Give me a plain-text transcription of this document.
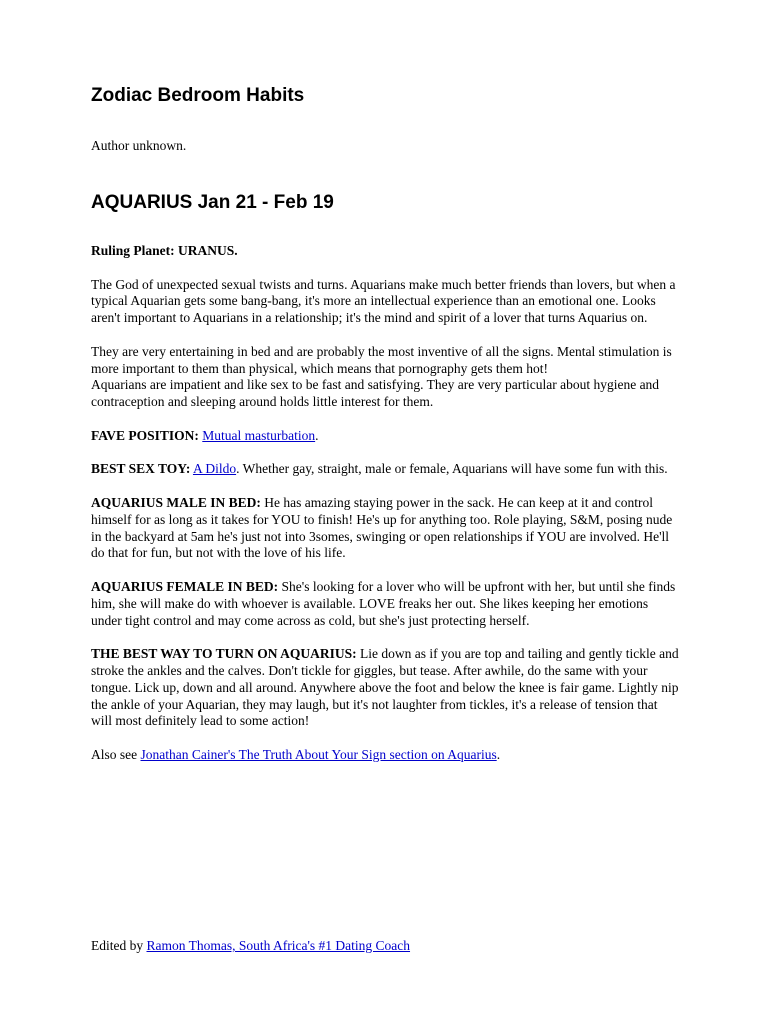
Zodiac Bedroom Habits

Author unknown.

AQUARIUS Jan 21 - Feb 19

Ruling Planet: URANUS.

The God of unexpected sexual twists and turns. Aquarians make much better friends than lovers, but when a typical Aquarian gets some bang-bang, it's more an intellectual experience than an emotional one. Looks aren't important to Aquarians in a relationship; it's the mind and spirit of a lover that turns Aquarius on.

They are very entertaining in bed and are probably the most inventive of all the signs. Mental stimulation is more important to them than physical, which means that pornography gets them hot!

Aquarians are impatient and like sex to be fast and satisfying. They are very particular about hygiene and contraception and sleeping around holds little interest for them.

FAVE POSITION: Mutual masturbation.

BEST SEX TOY: A Dildo. Whether gay, straight, male or female, Aquarians will have some fun with this.

AQUARIUS MALE IN BED: He has amazing staying power in the sack. He can keep at it and control himself for as long as it takes for YOU to finish! He's up for anything too. Role playing, S&M, posing nude in the backyard at 5am he's just not into 3somes, swinging or open relationships if YOU are involved. He'll do that for fun, but not with the love of his life.

AQUARIUS FEMALE IN BED: She's looking for a lover who will be upfront with her, but until she finds him, she will make do with whoever is available. LOVE freaks her out. She likes keeping her emotions under tight control and may come across as cold, but she's just protecting herself.

THE BEST WAY TO TURN ON AQUARIUS: Lie down as if you are top and tailing and gently tickle and stroke the ankles and the calves. Don't tickle for giggles, but tease. After awhile, do the same with your tongue. Lick up, down and all around. Anywhere above the foot and below the knee is fair game. Lightly nip the ankle of your Aquarian, they may laugh, but it's not laughter from tickles, it's a release of tension that will most definitely lead to some action!

Also see Jonathan Cainer's The Truth About Your Sign section on Aquarius.

Edited by Ramon Thomas, South Africa's #1 Dating Coach
